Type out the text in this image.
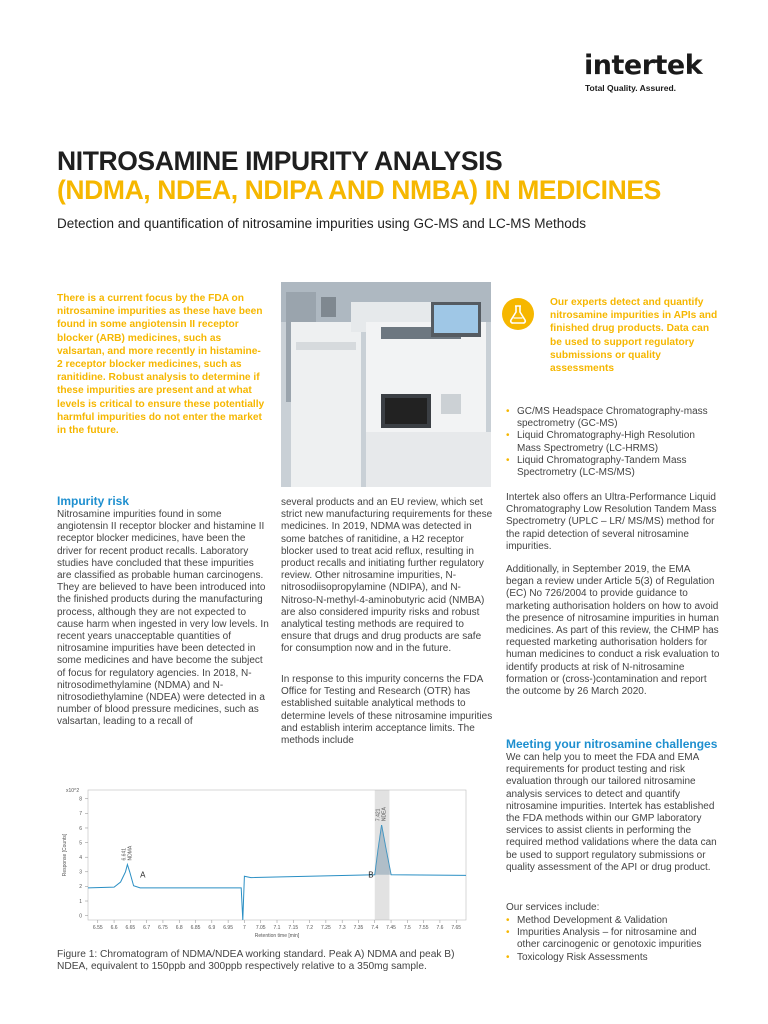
intertek
Total Quality. Assured.
NITROSAMINE IMPURITY ANALYSIS
(NDMA, NDEA, NDIPA AND NMBA) IN MEDICINES
Detection and quantification of nitrosamine impurities using GC-MS and LC-MS Methods
There is a current focus by the FDA on nitrosamine impurities as these have been found in some angiotensin II receptor blocker (ARB) medicines, such as valsartan, and more recently in histamine-2 receptor blocker medicines, such as ranitidine. Robust analysis to determine if these impurities are present and at what levels is critical to ensure these potentially harmful impurities do not enter the market in the future.
Our experts detect and quantify nitrosamine impurities in APIs and finished drug products. Data can be used to support regulatory submissions or quality assessments
• GC/MS Headspace Chromatography-mass spectrometry (GC-MS)
• Liquid Chromatography-High Resolution Mass Spectrometry (LC-HRMS)
• Liquid Chromatography-Tandem Mass Spectrometry (LC-MS/MS)
Intertek also offers an Ultra-Performance Liquid Chromatography Low Resolution Tandem Mass Spectrometry (UPLC – LR/ MS/MS) method for the rapid detection of several nitrosamine impurities.
Additionally, in September 2019, the EMA began a review under Article 5(3) of Regulation (EC) No 726/2004 to provide guidance to marketing authorisation holders on how to avoid the presence of nitrosamine impurities in human medicines. As part of this review, the CHMP has requested marketing authorisation holders for human medicines to conduct a risk evaluation to identify products at risk of N-nitrosamine formation or (cross-)contamination and report the outcome by 26 March 2020.
Meeting your nitrosamine challenges
We can help you to meet the FDA and EMA requirements for product testing and risk evaluation through our tailored nitrosamine analysis services to detect and quantify nitrosamine impurities. Intertek has established the FDA methods within our GMP laboratory services to assist clients in performing the required method validations where the data can be used to support regulatory submissions or quality assessment of the API or drug product.
Our services include:
• Method Development & Validation
• Impurities Analysis – for nitrosamine and other carcinogenic or genotoxic impurities
• Toxicology Risk Assessments
Impurity risk
Nitrosamine impurities found in some angiotensin II receptor blocker and histamine II receptor blocker medicines, have been the driver for recent product recalls. Laboratory studies have concluded that these impurities are classified as probable human carcinogens. They are believed to have been introduced into the finished products during the manufacturing process, although they are not expected to cause harm when ingested in very low levels. In recent years unacceptable quantities of nitrosamine impurities have been detected in some medicines and have become the subject of focus for regulatory agencies. In 2018, N-nitrosodimethylamine (NDMA) and N-nitrosodiethylamine (NDEA) were detected in a number of blood pressure medicines, such as valsartan, leading to a recall of
several products and an EU review, which set strict new manufacturing requirements for these medicines. In 2019, NDMA was detected in some batches of ranitidine, a H2 receptor blocker used to treat acid reflux, resulting in product recalls and initiating further regulatory review. Other nitrosamine impurities, N-nitrosodiisopropylamine (NDIPA), and N-Nitroso-N-methyl-4-aminobutyric acid (NMBA) are also considered impurity risks and robust analytical testing methods are required to ensure that drugs and drug products are safe for consumption now and in the future.
In response to this impurity concerns the FDA Office for Testing and Research (OTR) has established suitable analytical methods to determine levels of these nitrosamine impurities and establish interim acceptance limits. The methods include
0
1
2
3
4
5
6
7
8
6.55 6.6 6.65 6.7 6.75 6.8 6.85 6.9 6.95 7 7.05 7.1 7.15 7.2 7.25 7.3 7.35 7.4 7.45 7.5 7.55 7.6 7.65
Retention time [min]
Response [Counts]
x10^2
6.641 NDMA
7.421 NDEA
A	B
Figure 1: Chromatogram of NDMA/NDEA working standard. Peak A) NDMA and peak B) NDEA, equivalent to 150ppb and 300ppb respectively relative to a 350mg sample.
